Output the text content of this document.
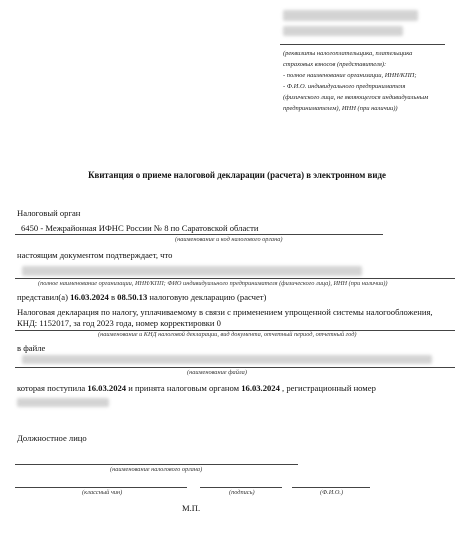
(реквизиты налогоплательщика, плательщика
страховых взносов (представителя):
- полное наименование организации, ИНН/КПП;
- Ф.И.О. индивидуального предпринимателя
(физического лица, не являющегося индивидуальным
предпринимателем), ИНН (при наличии))
Квитанция о приеме налоговой декларации (расчета) в электронном виде
Налоговый орган
6450 - Межрайонная ИФНС России № 8 по Саратовской области
(наименование и код налогового органа)
настоящим документом подтверждает, что
(полное наименование организации, ИНН/КПП; ФИО индивидуального предпринимателя (физического лица), ИНН (при наличии))
представил(а) 16.03.2024 в 08.50.13 налоговую декларацию (расчет)
Налоговая декларация по налогу, уплачиваемому в связи с применением упрощенной системы налогообложения,
КНД: 1152017, за год 2023 года, номер корректировки 0
(наименование и КНД налоговой декларации, вид документа, отчетный период, отчетный год)
в файле
(наименование файла)
которая поступила 16.03.2024 и принята налоговым органом 16.03.2024 , регистрационный номер
Должностное лицо
(наименование налогового органа)
(классный чин)	(подпись)	(Ф.И.О.)
М.П.
